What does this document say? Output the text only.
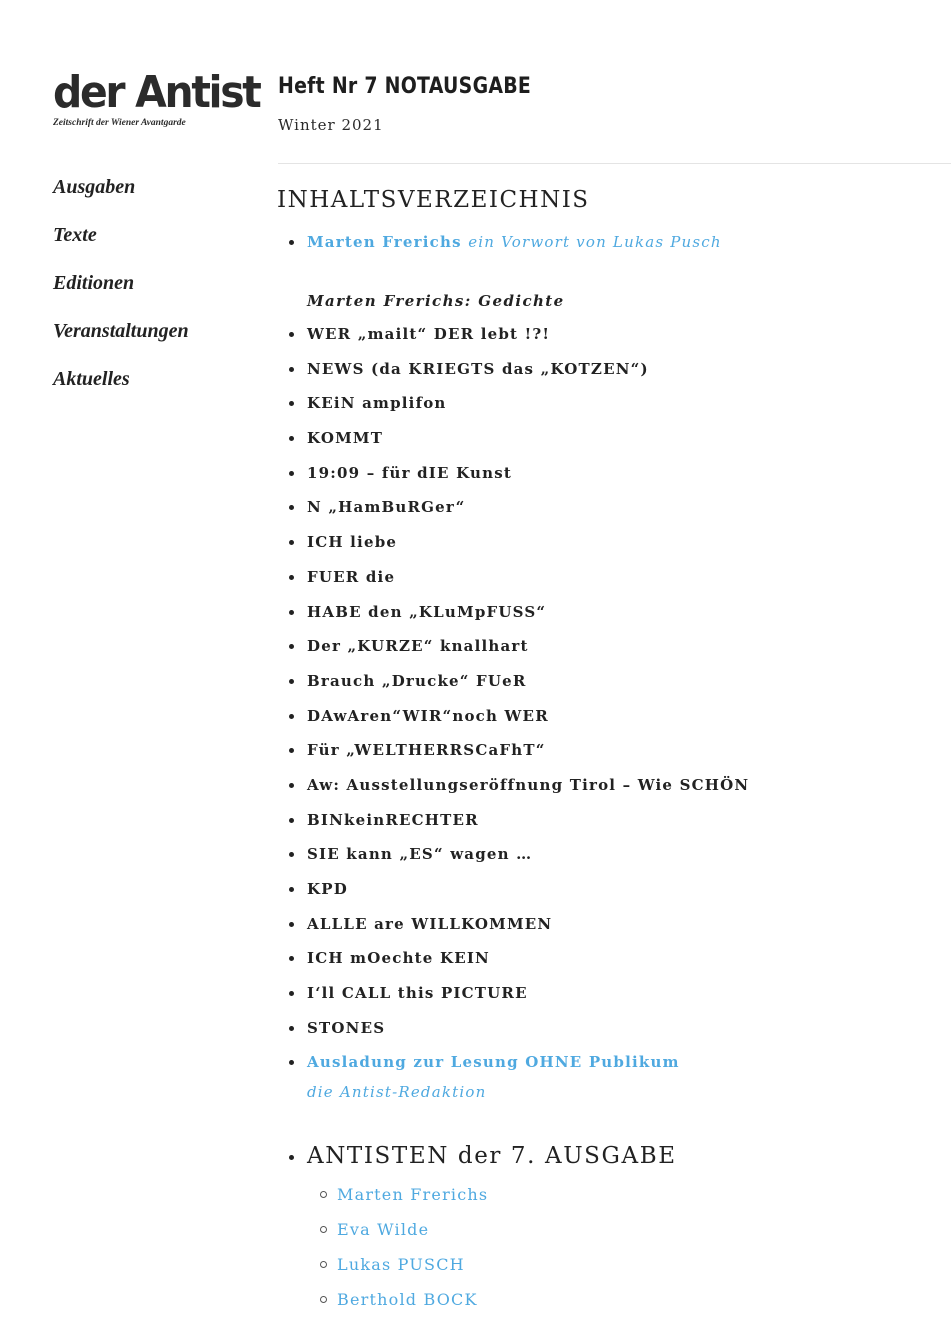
der Antist
Zeitschrift der Wiener Avantgarde
Ausgaben
Texte
Editionen
Veranstaltungen
Aktuelles
Heft Nr 7 NOTAUSGABE
Winter 2021
INHALTSVERZEICHNIS
Marten Frerichs ein Vorwort von Lukas Pusch
Marten Frerichs: Gedichte
WER „mailt“ DER lebt !?!
NEWS (da KRIEGTS das „KOTZEN“)
KEiN amplifon
KOMMT
19:09 – für dIE Kunst
N „HamBuRGer“
ICH liebe
FUER die
HABE den „KLuMpFUSS“
Der „KURZE“ knallhart
Brauch „Drucke“ FUeR
DAwAren“WIR“noch WER
Für „WELTHERRSCaFhT“
Aw: Ausstellungseröffnung Tirol – Wie SCHÖN
BINkeinRECHTER
SIE kann „ES“ wagen …
KPD
ALLLE are WILLKOMMEN
ICH mOechte KEIN
I‘ll CALL this PICTURE
STONES
Ausladung zur Lesung OHNE Publikum
die Antist-Redaktion
ANTISTEN der 7. AUSGABE
Marten Frerichs
Eva Wilde
Lukas PUSCH
Berthold BOCK
